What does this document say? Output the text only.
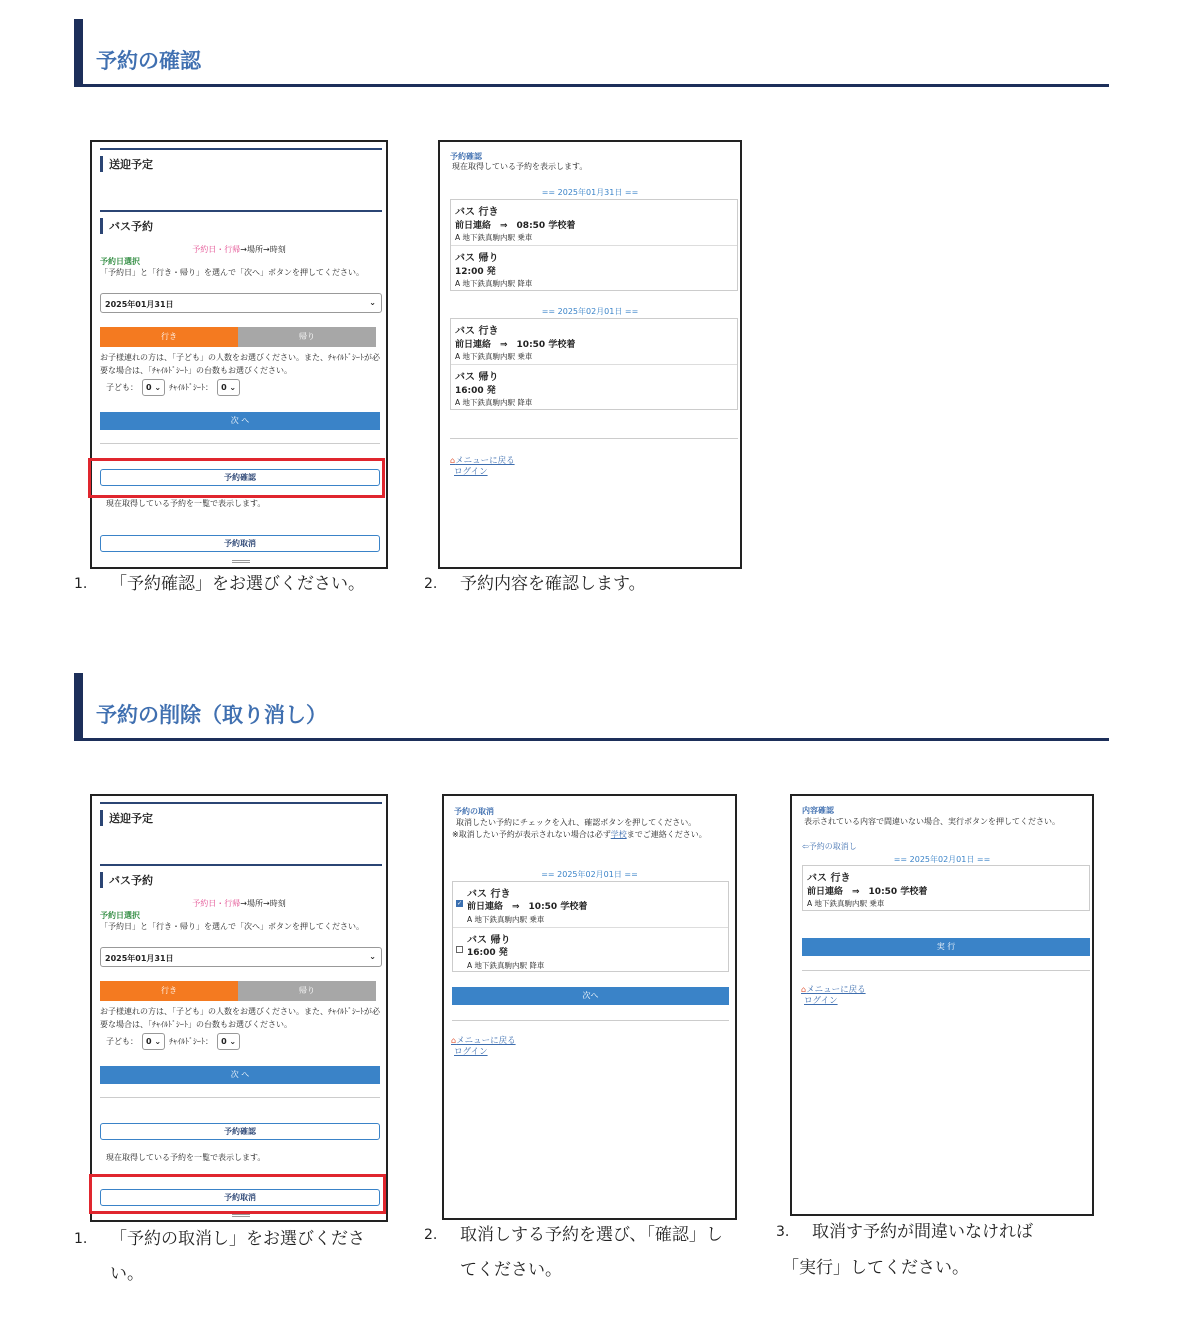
予約の確認
送迎予定
バス予約
予約日・行帰→場所→時刻
予約日選択
「予約日」と「行き・帰り」を選んで「次へ」ボタンを押してください。
2025年01月31日	⌄
行き	帰り
お子様連れの方は、「子ども」の人数をお選びください。また、ﾁｬｲﾙﾄﾞｼｰﾄが必要な場合は、「ﾁｬｲﾙﾄﾞｼｰﾄ」の台数もお選びください。
子ども：	0 ⌄	ﾁｬｲﾙﾄﾞｼｰﾄ：	0 ⌄
次 へ
予約確認
現在取得している予約を一覧で表示します。
予約取消
1. 「予約確認」をお選びください。
予約確認
現在取得している予約を表示します。
== 2025年01月31日 ==
バス 行き
前日連絡　⇒　08:50 学校着
A 地下鉄真駒内駅 乗車
バス 帰り
12:00 発
A 地下鉄真駒内駅 降車
== 2025年02月01日 ==
バス 行き
前日連絡　⇒　10:50 学校着
A 地下鉄真駒内駅 乗車
バス 帰り
16:00 発
A 地下鉄真駒内駅 降車
⌂メニューに戻る
ログイン
2. 予約内容を確認します。
予約の削除（取り消し）
送迎予定
バス予約
予約日・行帰→場所→時刻
予約日選択
「予約日」と「行き・帰り」を選んで「次へ」ボタンを押してください。
2025年01月31日	⌄
行き	帰り
お子様連れの方は、「子ども」の人数をお選びください。また、ﾁｬｲﾙﾄﾞｼｰﾄが必要な場合は、「ﾁｬｲﾙﾄﾞｼｰﾄ」の台数もお選びください。
子ども：	0 ⌄	ﾁｬｲﾙﾄﾞｼｰﾄ：	0 ⌄
次 へ
予約確認
現在取得している予約を一覧で表示します。
予約取消
1. 「予約の取消し」をお選びくださ
い。
予約の取消
取消したい予約にチェックを入れ、確認ボタンを押してください。
※取消したい予約が表示されない場合は必ず学校までご連絡ください。
== 2025年02月01日 ==
バス 行き
✓ 前日連絡　⇒　10:50 学校着
A 地下鉄真駒内駅 乗車
バス 帰り
16:00 発
A 地下鉄真駒内駅 降車
次へ
⌂メニューに戻る
ログイン
2. 取消しする予約を選び、「確認」し
てください。
内容確認
表示されている内容で間違いない場合、実行ボタンを押してください。
⇦予約の取消し
== 2025年02月01日 ==
バス 行き
前日連絡　⇒　10:50 学校着
A 地下鉄真駒内駅 乗車
実 行
⌂メニューに戻る
ログイン
3. 取消す予約が間違いなければ
「実行」してください。
